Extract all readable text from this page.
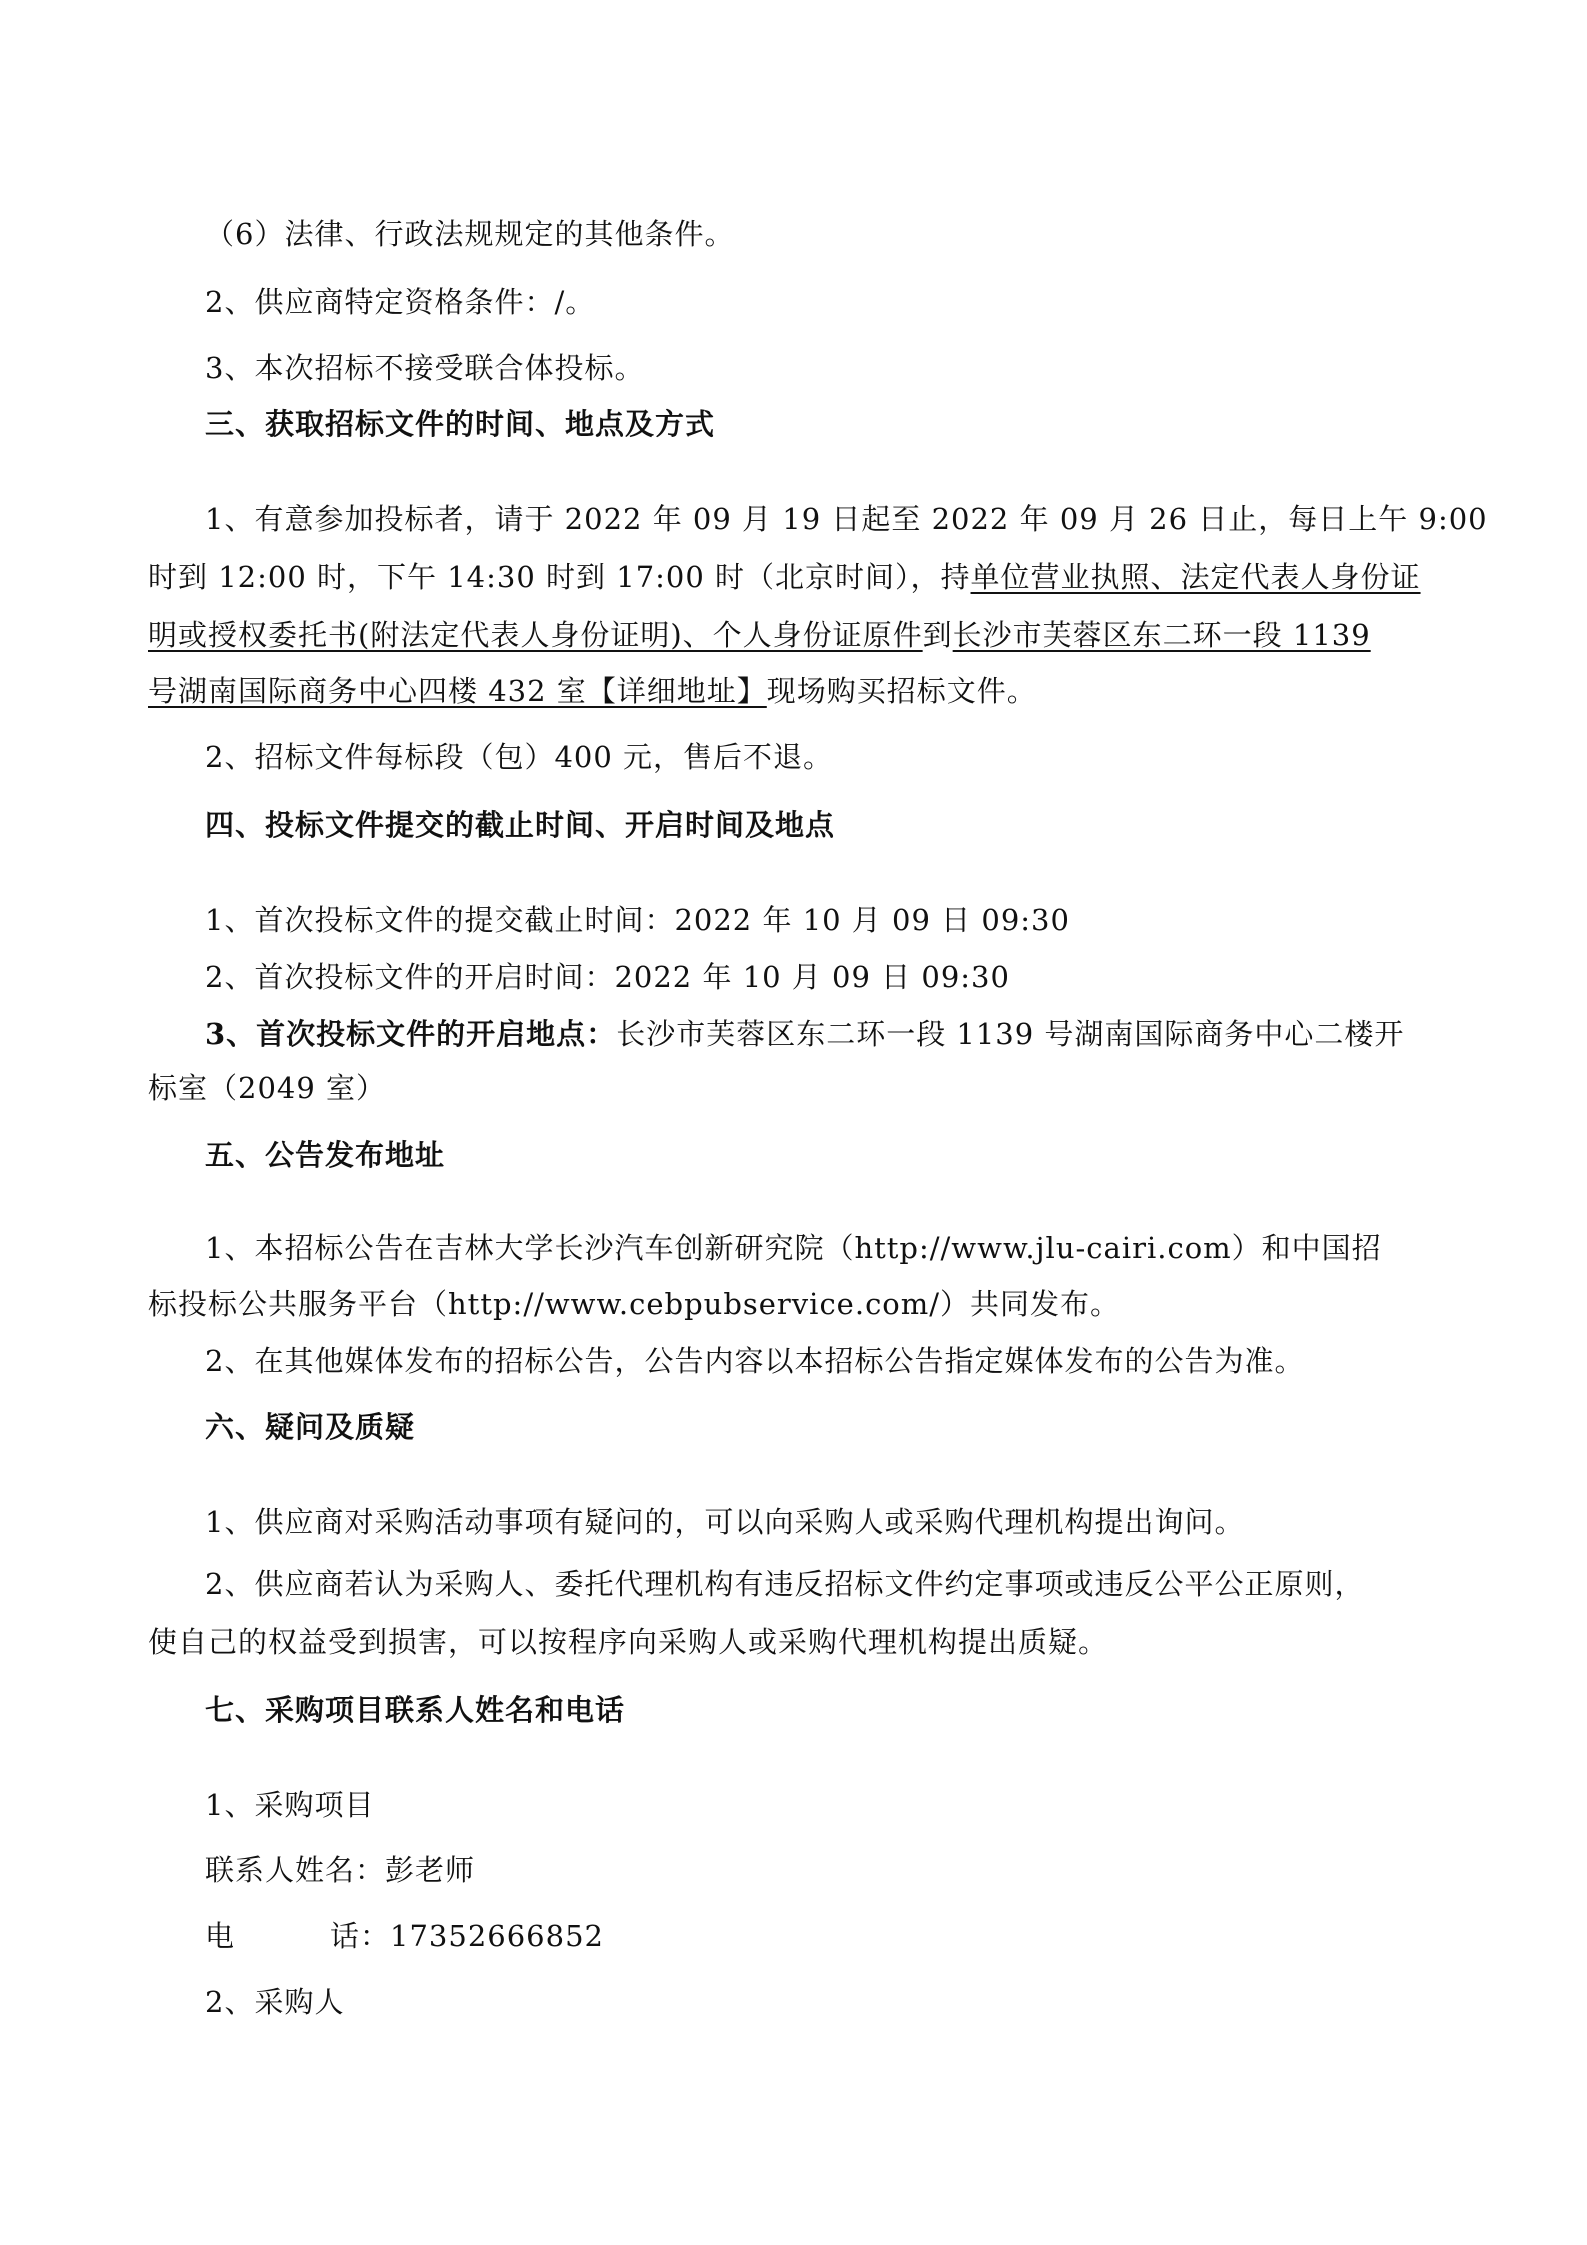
（6）法律、行政法规规定的其他条件。
2、供应商特定资格条件：/。
3、本次招标不接受联合体投标。
三、获取招标文件的时间、地点及方式
1、有意参加投标者，请于 2022 年 09 月 19 日起至 2022 年 09 月 26 日止，每日上午 9:00
时到 12:00 时，下午 14:30 时到 17:00 时（北京时间），持单位营业执照、法定代表人身份证
明或授权委托书(附法定代表人身份证明)、个人身份证原件到长沙市芙蓉区东二环一段 1139
号湖南国际商务中心四楼 432 室【详细地址】现场购买招标文件。
2、招标文件每标段（包）400 元，售后不退。
四、投标文件提交的截止时间、开启时间及地点
1、首次投标文件的提交截止时间：2022 年 10 月 09 日 09:30
2、首次投标文件的开启时间：2022 年 10 月 09 日 09:30
3、首次投标文件的开启地点：长沙市芙蓉区东二环一段 1139 号湖南国际商务中心二楼开
标室（2049 室）
五、公告发布地址
1、本招标公告在吉林大学长沙汽车创新研究院（http://www.jlu-cairi.com）和中国招
标投标公共服务平台（http://www.cebpubservice.com/）共同发布。
2、在其他媒体发布的招标公告，公告内容以本招标公告指定媒体发布的公告为准。
六、疑问及质疑
1、供应商对采购活动事项有疑问的，可以向采购人或采购代理机构提出询问。
2、供应商若认为采购人、委托代理机构有违反招标文件约定事项或违反公平公正原则，
使自己的权益受到损害，可以按程序向采购人或采购代理机构提出质疑。
七、采购项目联系人姓名和电话
1、采购项目
联系人姓名：彭老师
电	话：17352666852
2、采购人
